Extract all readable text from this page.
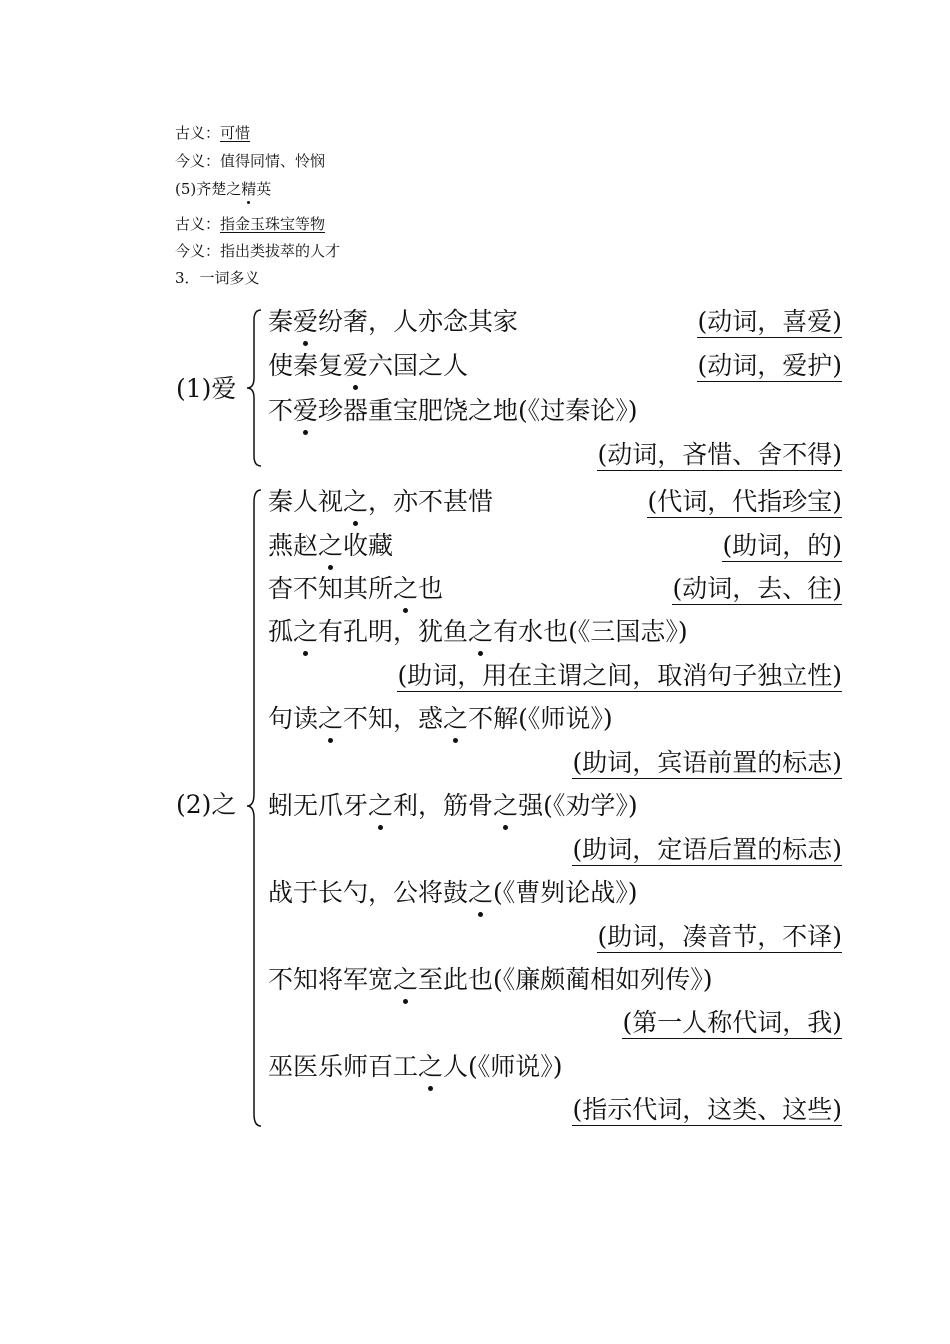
古义：可惜
今义：值得同情、怜悯
(5)齐楚之精英
古义：指金玉珠宝等物
今义：指出类拔萃的人才
3．一词多义
(1)爱
秦爱纷奢，人亦念其家	(动词，喜爱)
使秦复爱六国之人	(动词，爱护)
不爱珍器重宝肥饶之地(《过秦论》)
(动词，吝惜、舍不得)
(2)之
秦人视之，亦不甚惜	(代词，代指珍宝)
燕赵之收藏	(助词，的)
杳不知其所之也	(动词，去、往)
孤之有孔明，犹鱼之有水也(《三国志》)
(助词，用在主谓之间，取消句子独立性)
句读之不知，惑之不解(《师说》)
(助词，宾语前置的标志)
蚓无爪牙之利，筋骨之强(《劝学》)
(助词，定语后置的标志)
战于长勺，公将鼓之(《曹刿论战》)
(助词，凑音节，不译)
不知将军宽之至此也(《廉颇蔺相如列传》)
(第一人称代词，我)
巫医乐师百工之人(《师说》)
(指示代词，这类、这些)
